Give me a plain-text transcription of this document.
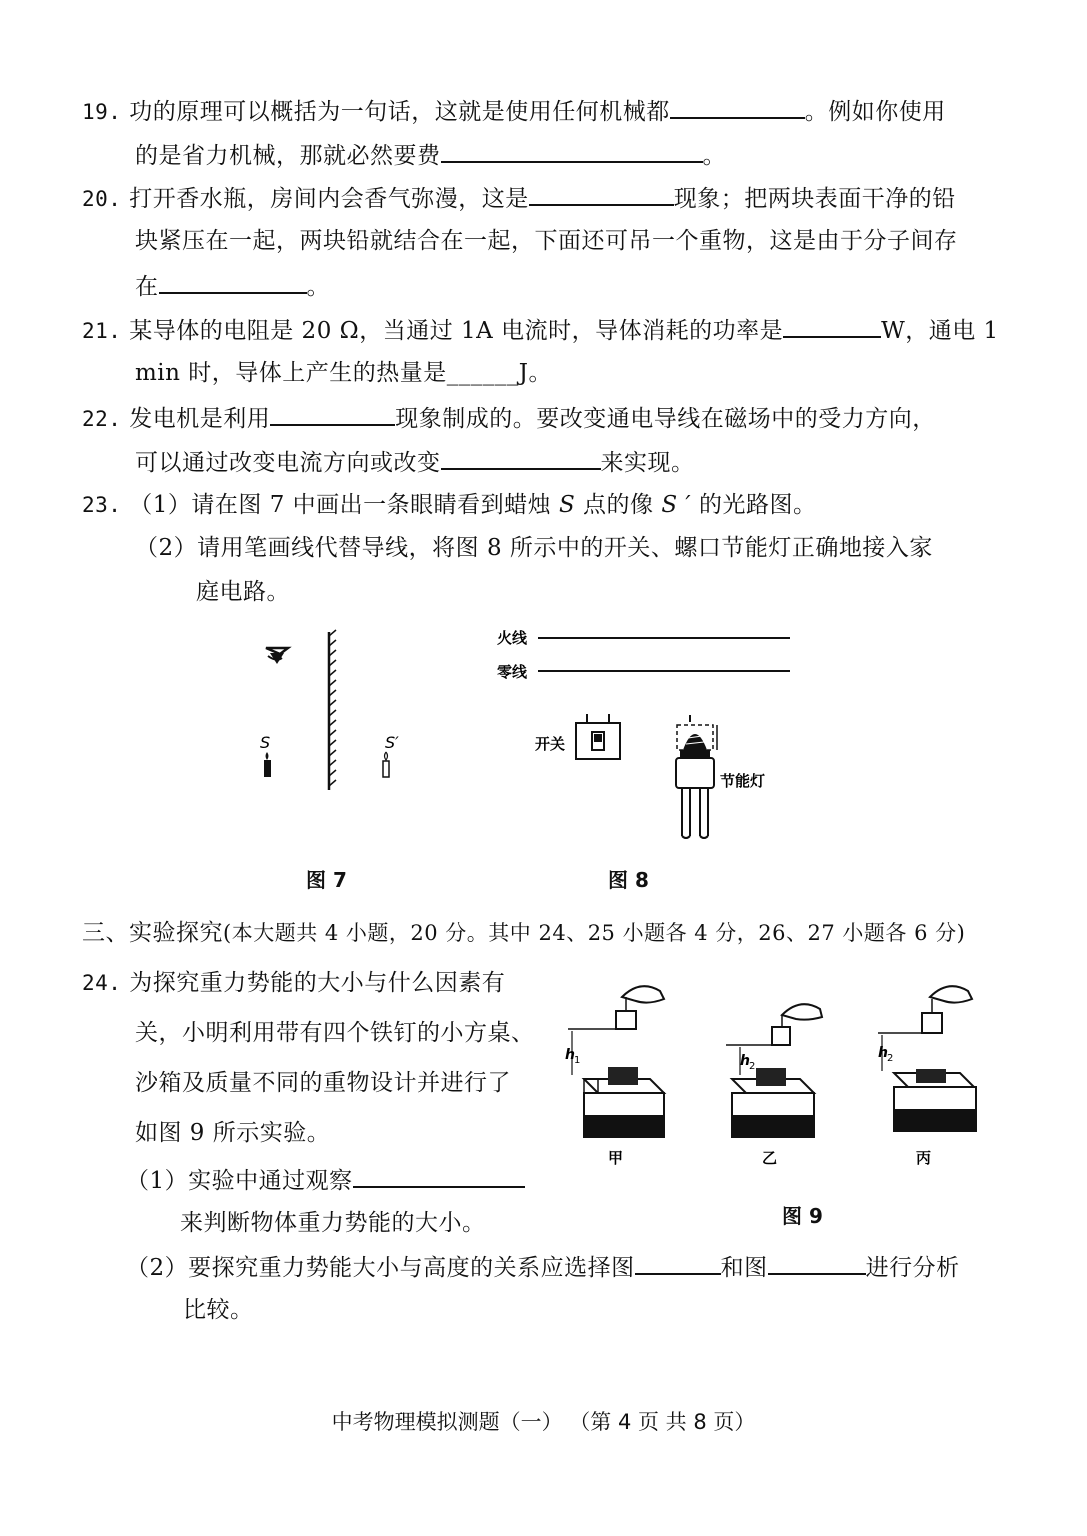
19. 功的原理可以概括为一句话，这就是使用任何机械都	。例如你使用
的是省力机械，那就必然要费	。
20. 打开香水瓶，房间内会香气弥漫，这是	现象；把两块表面干净的铅
块紧压在一起，两块铅就结合在一起，下面还可吊一个重物，这是由于分子间存
在	。
21. 某导体的电阻是 20 Ω，当通过 1A 电流时，导体消耗的功率是	W，通电 1
min 时，导体上产生的热量是______J。
22. 发电机是利用	现象制成的。要改变通电导线在磁场中的受力方向，
可以通过改变电流方向或改变	来实现。
23. （1）请在图 7 中画出一条眼睛看到蜡烛 S 点的像 S ′ 的光路图。
（2）请用笔画线代替导线，将图 8 所示中的开关、螺口节能灯正确地接入家
庭电路。
S	S′
图 7
火线
零线
开关
节能灯
图 8
三、实验探究(本大题共 4 小题，20 分。其中 24、25 小题各 4 分，26、27 小题各 6 分)
24. 为探究重力势能的大小与什么因素有
关，小明利用带有四个铁钉的小方桌、
沙箱及质量不同的重物设计并进行了
如图 9 所示实验。
（1）实验中通过观察
来判断物体重力势能的大小。
（2）要探究重力势能大小与高度的关系应选择图	和图	进行分析
比较。
h 1	h 2
h 2
甲	乙	丙
图 9
中考物理模拟测题（一） （第 4 页 共 8 页）
